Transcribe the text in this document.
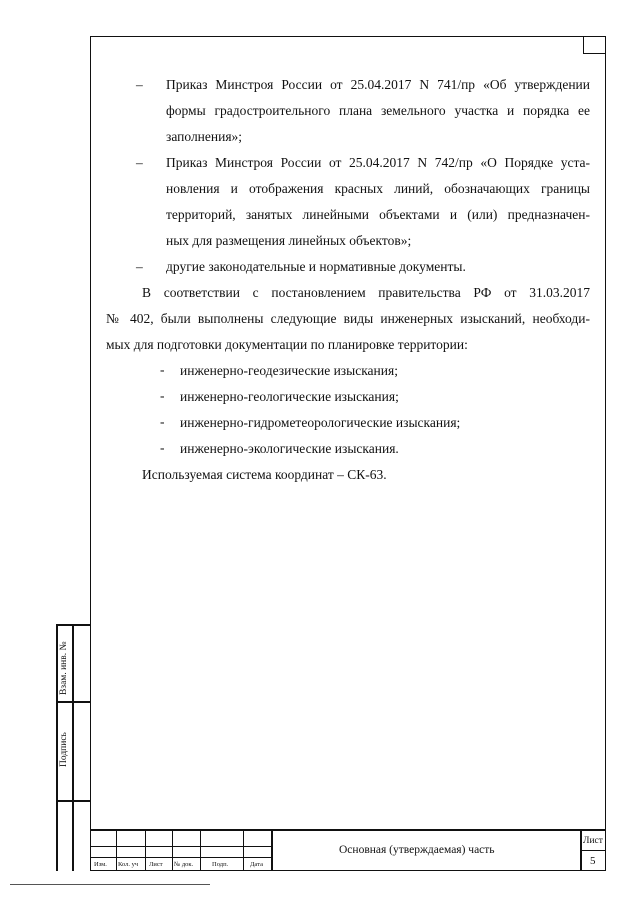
Взам. инв. №
Подпись
– Приказ Минстроя России от 25.04.2017 N 741/пр «Об утверждении
формы градостроительного плана земельного участка и порядка ее
заполнения»;
– Приказ Минстроя России от 25.04.2017 N 742/пр «О Порядке уста-
новления и отображения красных линий, обозначающих границы
территорий, занятых линейными объектами и (или) предназначен-
ных для размещения линейных объектов»;
– другие законодательные и нормативные документы.
В соответствии с постановлением правительства РФ от 31.03.2017
№ 402, были выполнены следующие виды инженерных изысканий, необходи-
мых для подготовки документации по планировке территории:
- инженерно-геодезические изыскания;
- инженерно-геологические изыскания;
- инженерно-гидрометеорологические изыскания;
- инженерно-экологические изыскания.
Используемая система координат – СК-63.
Изм. Кол. уч Лист № док.	Подп.	Дата
Основная (утверждаемая) часть
Лист
5
